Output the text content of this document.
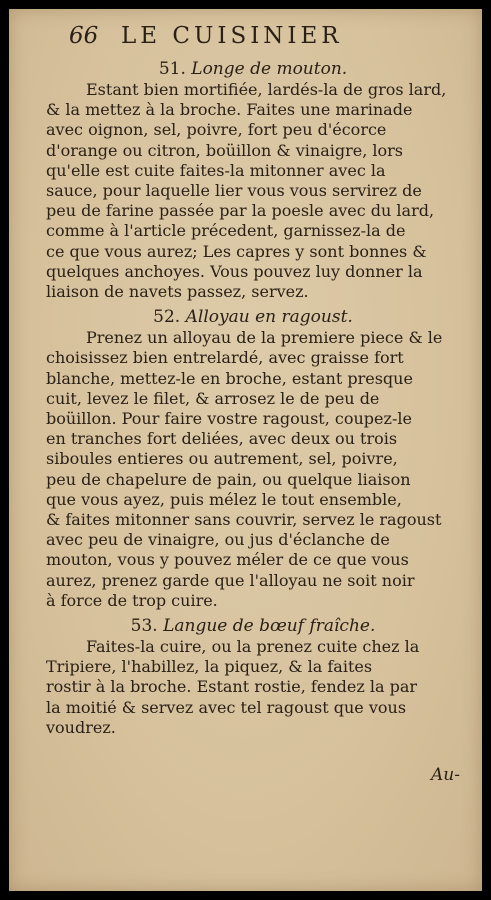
66 LE CUISINIER
51. Longe de mouton.
Estant bien mortifiée, lardés-la de gros lard,
& la mettez à la broche. Faites une marinade
avec oignon, sel, poivre, fort peu d'écorce
d'orange ou citron, boüillon & vinaigre, lors
qu'elle est cuite faites-la mitonner avec la
sauce, pour laquelle lier vous vous servirez de
peu de farine passée par la poesle avec du lard,
comme à l'article précedent, garnissez-la de
ce que vous aurez; Les capres y sont bonnes &
quelques anchoyes. Vous pouvez luy donner la
liaison de navets passez, servez.
52. Alloyau en ragoust.
Prenez un alloyau de la premiere piece & le
choisissez bien entrelardé, avec graisse fort
blanche, mettez-le en broche, estant presque
cuit, levez le filet, & arrosez le de peu de
boüillon. Pour faire vostre ragoust, coupez-le
en tranches fort deliées, avec deux ou trois
siboules entieres ou autrement, sel, poivre,
peu de chapelure de pain, ou quelque liaison
que vous ayez, puis mélez le tout ensemble,
& faites mitonner sans couvrir, servez le ragoust
avec peu de vinaigre, ou jus d'éclanche de
mouton, vous y pouvez méler de ce que vous
aurez, prenez garde que l'alloyau ne soit noir
à force de trop cuire.
53. Langue de bœuf fraîche.
Faites-la cuire, ou la prenez cuite chez la
Tripiere, l'habillez, la piquez, & la faites
rostir à la broche. Estant rostie, fendez la par
la moitié & servez avec tel ragoust que vous
voudrez.
Au-
